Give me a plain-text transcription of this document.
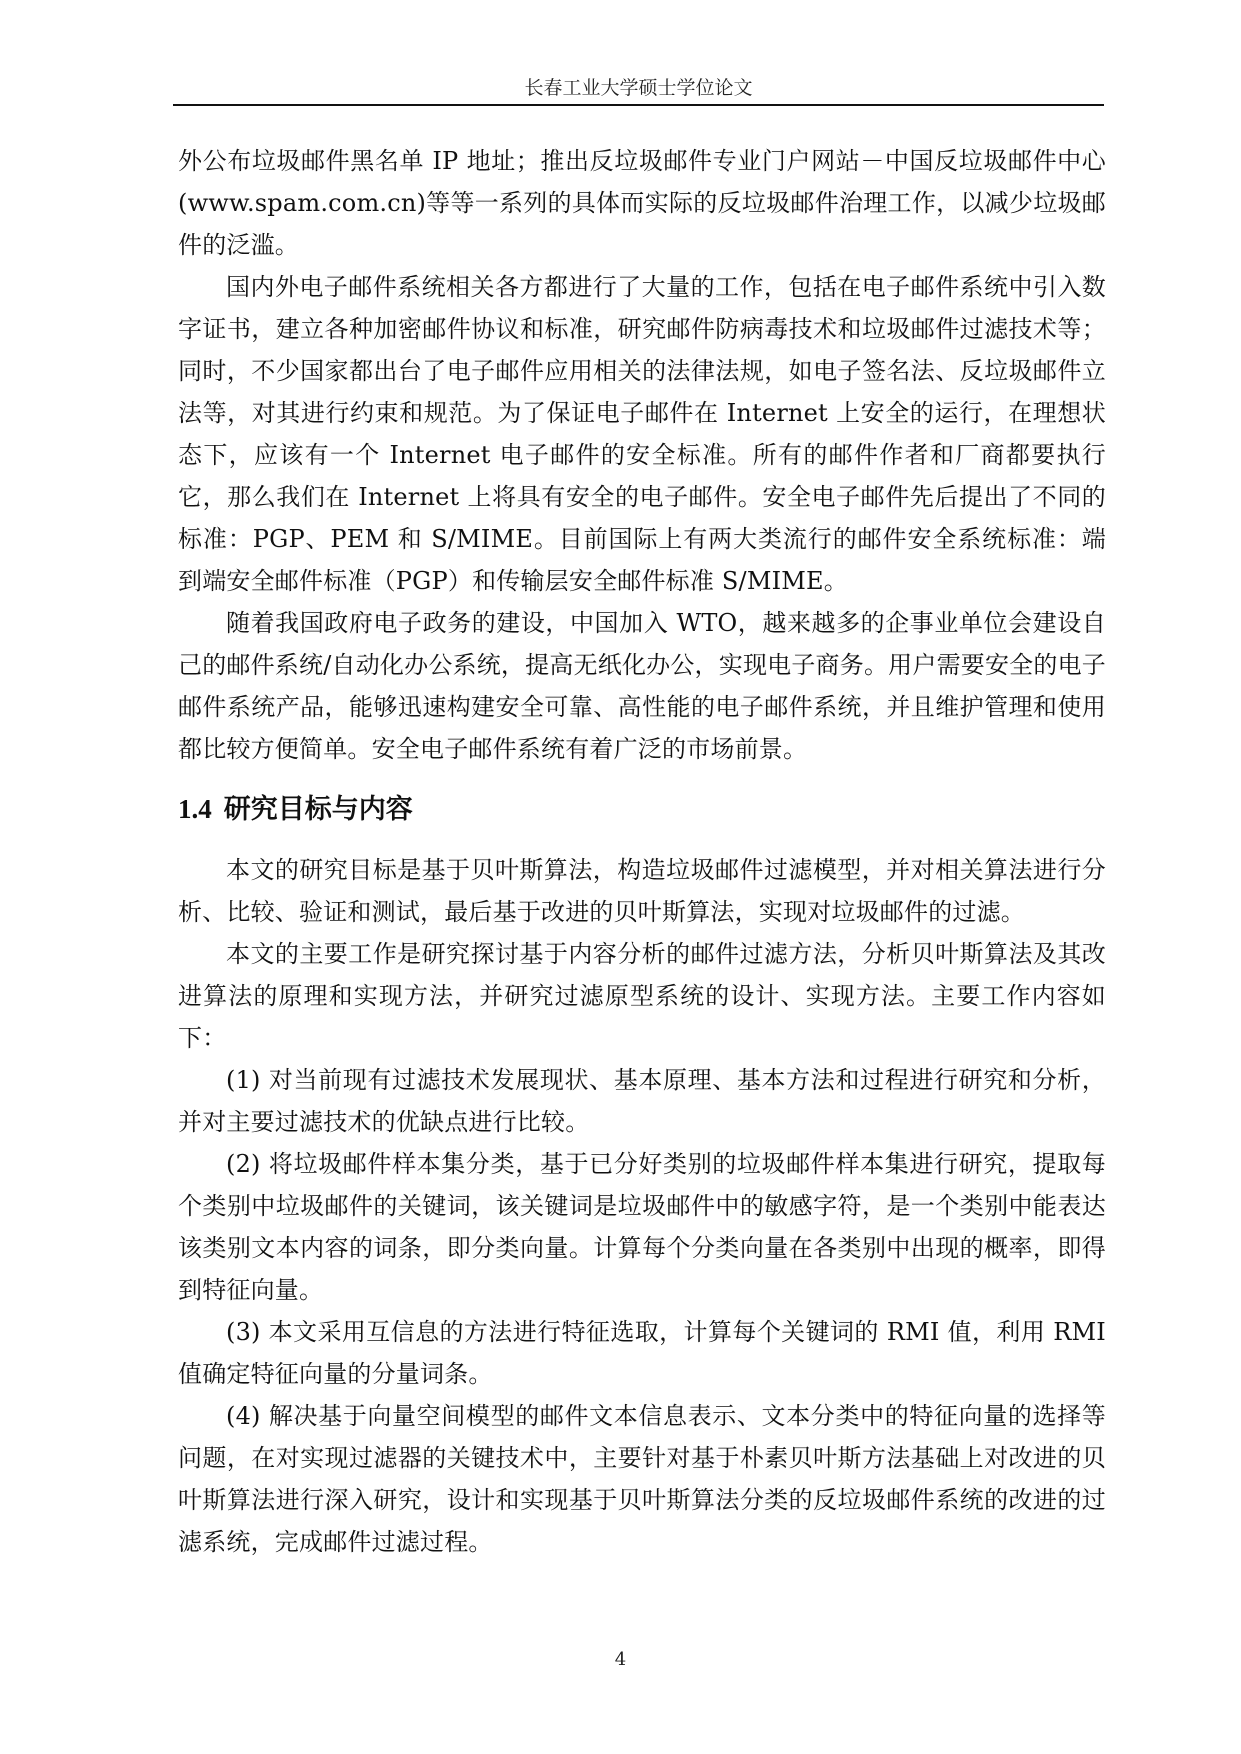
长春工业大学硕士学位论文

外公布垃圾邮件黑名单 IP 地址；推出反垃圾邮件专业门户网站－中国反垃圾邮件中心(www.spam.com.cn)等等一系列的具体而实际的反垃圾邮件治理工作，以减少垃圾邮件的泛滥。

国内外电子邮件系统相关各方都进行了大量的工作，包括在电子邮件系统中引入数字证书，建立各种加密邮件协议和标准，研究邮件防病毒技术和垃圾邮件过滤技术等；同时，不少国家都出台了电子邮件应用相关的法律法规，如电子签名法、反垃圾邮件立法等，对其进行约束和规范。为了保证电子邮件在 Internet 上安全的运行，在理想状态下，应该有一个 Internet 电子邮件的安全标准。所有的邮件作者和厂商都要执行它，那么我们在 Internet 上将具有安全的电子邮件。安全电子邮件先后提出了不同的标准：PGP、PEM 和 S/MIME。目前国际上有两大类流行的邮件安全系统标准：端到端安全邮件标准（PGP）和传输层安全邮件标准 S/MIME。

随着我国政府电子政务的建设，中国加入 WTO，越来越多的企事业单位会建设自己的邮件系统/自动化办公系统，提高无纸化办公，实现电子商务。用户需要安全的电子邮件系统产品，能够迅速构建安全可靠、高性能的电子邮件系统，并且维护管理和使用都比较方便简单。安全电子邮件系统有着广泛的市场前景。

1.4 研究目标与内容

本文的研究目标是基于贝叶斯算法，构造垃圾邮件过滤模型，并对相关算法进行分析、比较、验证和测试，最后基于改进的贝叶斯算法，实现对垃圾邮件的过滤。

本文的主要工作是研究探讨基于内容分析的邮件过滤方法，分析贝叶斯算法及其改进算法的原理和实现方法，并研究过滤原型系统的设计、实现方法。主要工作内容如下：

(1) 对当前现有过滤技术发展现状、基本原理、基本方法和过程进行研究和分析，并对主要过滤技术的优缺点进行比较。

(2) 将垃圾邮件样本集分类，基于已分好类别的垃圾邮件样本集进行研究，提取每个类别中垃圾邮件的关键词，该关键词是垃圾邮件中的敏感字符，是一个类别中能表达该类别文本内容的词条，即分类向量。计算每个分类向量在各类别中出现的概率，即得到特征向量。

(3) 本文采用互信息的方法进行特征选取，计算每个关键词的 RMI 值，利用 RMI 值确定特征向量的分量词条。

(4) 解决基于向量空间模型的邮件文本信息表示、文本分类中的特征向量的选择等问题，在对实现过滤器的关键技术中，主要针对基于朴素贝叶斯方法基础上对改进的贝叶斯算法进行深入研究，设计和实现基于贝叶斯算法分类的反垃圾邮件系统的改进的过滤系统，完成邮件过滤过程。

4
